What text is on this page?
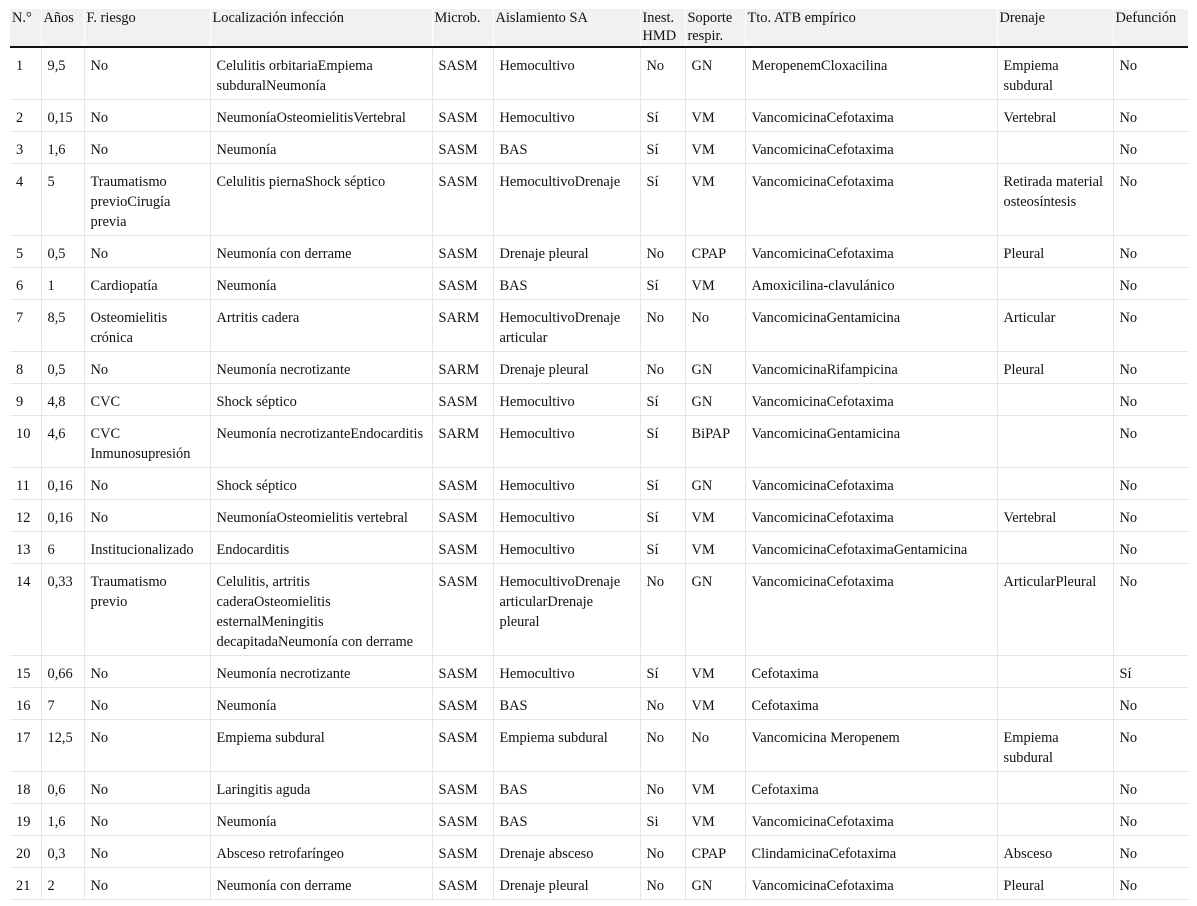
N.°	Años	F. riesgo	Localización infección	Microb.	Aislamiento SA	Inest. HMD	Soporte respir.	Tto. ATB empírico	Drenaje	Defunción
1	9,5	No	Celulitis orbitariaEmpiema subduralNeumonía	SASM	Hemocultivo	No	GN	MeropenemCloxacilina	Empiema subdural	No
2	0,15	No	NeumoníaOsteomielitisVertebral	SASM	Hemocultivo	Sí	VM	VancomicinaCefotaxima	Vertebral	No
3	1,6	No	Neumonía	SASM	BAS	Sí	VM	VancomicinaCefotaxima		No
4	5	Traumatismo previoCirugía previa	Celulitis piernaShock séptico	SASM	HemocultivoDrenaje	Sí	VM	VancomicinaCefotaxima	Retirada material osteosíntesis	No
5	0,5	No	Neumonía con derrame	SASM	Drenaje pleural	No	CPAP	VancomicinaCefotaxima	Pleural	No
6	1	Cardiopatía	Neumonía	SASM	BAS	Sí	VM	Amoxicilina-clavulánico		No
7	8,5	Osteomielitis crónica	Artritis cadera	SARM	HemocultivoDrenaje articular	No	No	VancomicinaGentamicina	Articular	No
8	0,5	No	Neumonía necrotizante	SARM	Drenaje pleural	No	GN	VancomicinaRifampicina	Pleural	No
9	4,8	CVC	Shock séptico	SASM	Hemocultivo	Sí	GN	VancomicinaCefotaxima		No
10	4,6	CVC Inmunosupresión	Neumonía necrotizanteEndocarditis	SARM	Hemocultivo	Sí	BiPAP	VancomicinaGentamicina		No
11	0,16	No	Shock séptico	SASM	Hemocultivo	Sí	GN	VancomicinaCefotaxima		No
12	0,16	No	NeumoníaOsteomielitis vertebral	SASM	Hemocultivo	Sí	VM	VancomicinaCefotaxima	Vertebral	No
13	6	Institucionalizado	Endocarditis	SASM	Hemocultivo	Sí	VM	VancomicinaCefotaximaGentamicina		No
14	0,33	Traumatismo previo	Celulitis, artritis caderaOsteomielitis esternalMeningitis decapitadaNeumonía con derrame	SASM	HemocultivoDrenaje articularDrenaje pleural	No	GN	VancomicinaCefotaxima	ArticularPleural	No
15	0,66	No	Neumonía necrotizante	SASM	Hemocultivo	Sí	VM	Cefotaxima		Sí
16	7	No	Neumonía	SASM	BAS	No	VM	Cefotaxima		No
17	12,5	No	Empiema subdural	SASM	Empiema subdural	No	No	Vancomicina Meropenem	Empiema subdural	No
18	0,6	No	Laringitis aguda	SASM	BAS	No	VM	Cefotaxima		No
19	1,6	No	Neumonía	SASM	BAS	Si	VM	VancomicinaCefotaxima		No
20	0,3	No	Absceso retrofaríngeo	SASM	Drenaje absceso	No	CPAP	ClindamicinaCefotaxima	Absceso	No
21	2	No	Neumonía con derrame	SASM	Drenaje pleural	No	GN	VancomicinaCefotaxima	Pleural	No
